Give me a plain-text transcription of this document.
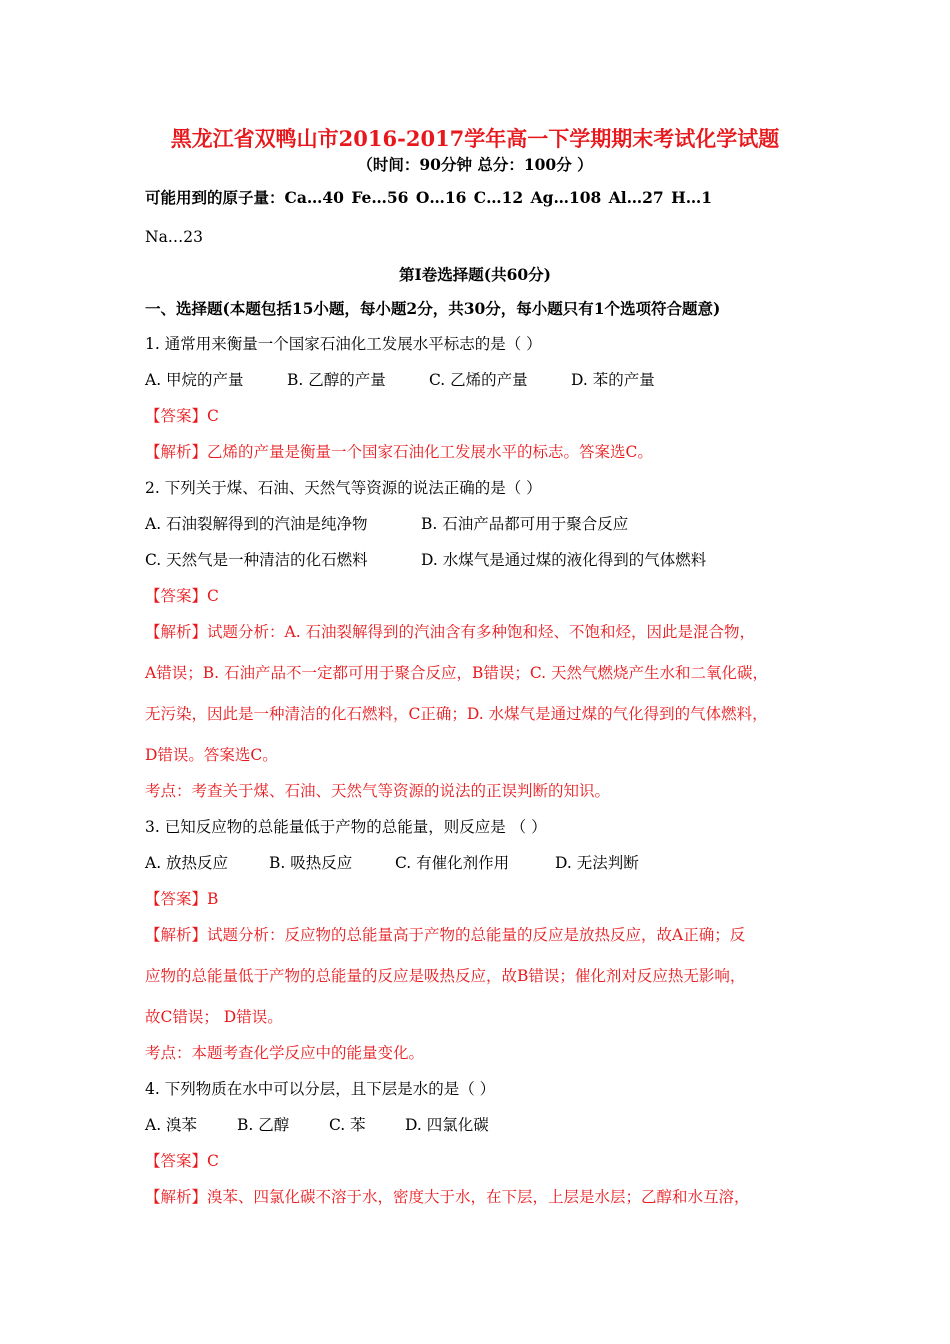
黑龙江省双鸭山市2016-2017学年高一下学期期末考试化学试题
（时间：90分钟 总分：100分 ）
可能用到的原子量：Ca…40 Fe…56 O…16 C…12 Ag…108 Al…27 H…1
Na…23
第Ⅰ卷选择题(共60分)
一、选择题(本题包括15小题，每小题2分，共30分，每小题只有1个选项符合题意)
1. 通常用来衡量一个国家石油化工发展水平标志的是（ ）
A. 甲烷的产量	B. 乙醇的产量	C. 乙烯的产量	D. 苯的产量
【答案】C
【解析】乙烯的产量是衡量一个国家石油化工发展水平的标志。答案选C。
2. 下列关于煤、石油、天然气等资源的说法正确的是（ ）
A. 石油裂解得到的汽油是纯净物	B. 石油产品都可用于聚合反应
C. 天然气是一种清洁的化石燃料	D. 水煤气是通过煤的液化得到的气体燃料
【答案】C
【解析】试题分析：A. 石油裂解得到的汽油含有多种饱和烃、不饱和烃，因此是混合物，
A错误；B. 石油产品不一定都可用于聚合反应，B错误；C. 天然气燃烧产生水和二氧化碳，
无污染，因此是一种清洁的化石燃料，C正确；D. 水煤气是通过煤的气化得到的气体燃料，
D错误。答案选C。
考点：考查关于煤、石油、天然气等资源的说法的正误判断的知识。
3. 已知反应物的总能量低于产物的总能量，则反应是 （ ）
A. 放热反应	B. 吸热反应	C. 有催化剂作用	D. 无法判断
【答案】B
【解析】试题分析：反应物的总能量高于产物的总能量的反应是放热反应，故A正确；反
应物的总能量低于产物的总能量的反应是吸热反应，故B错误；催化剂对反应热无影响，
故C错误； D错误。
考点：本题考查化学反应中的能量变化。
4. 下列物质在水中可以分层，且下层是水的是（ ）
A. 溴苯	B. 乙醇	C. 苯	D. 四氯化碳
【答案】C
【解析】溴苯、四氯化碳不溶于水，密度大于水，在下层，上层是水层；乙醇和水互溶，
